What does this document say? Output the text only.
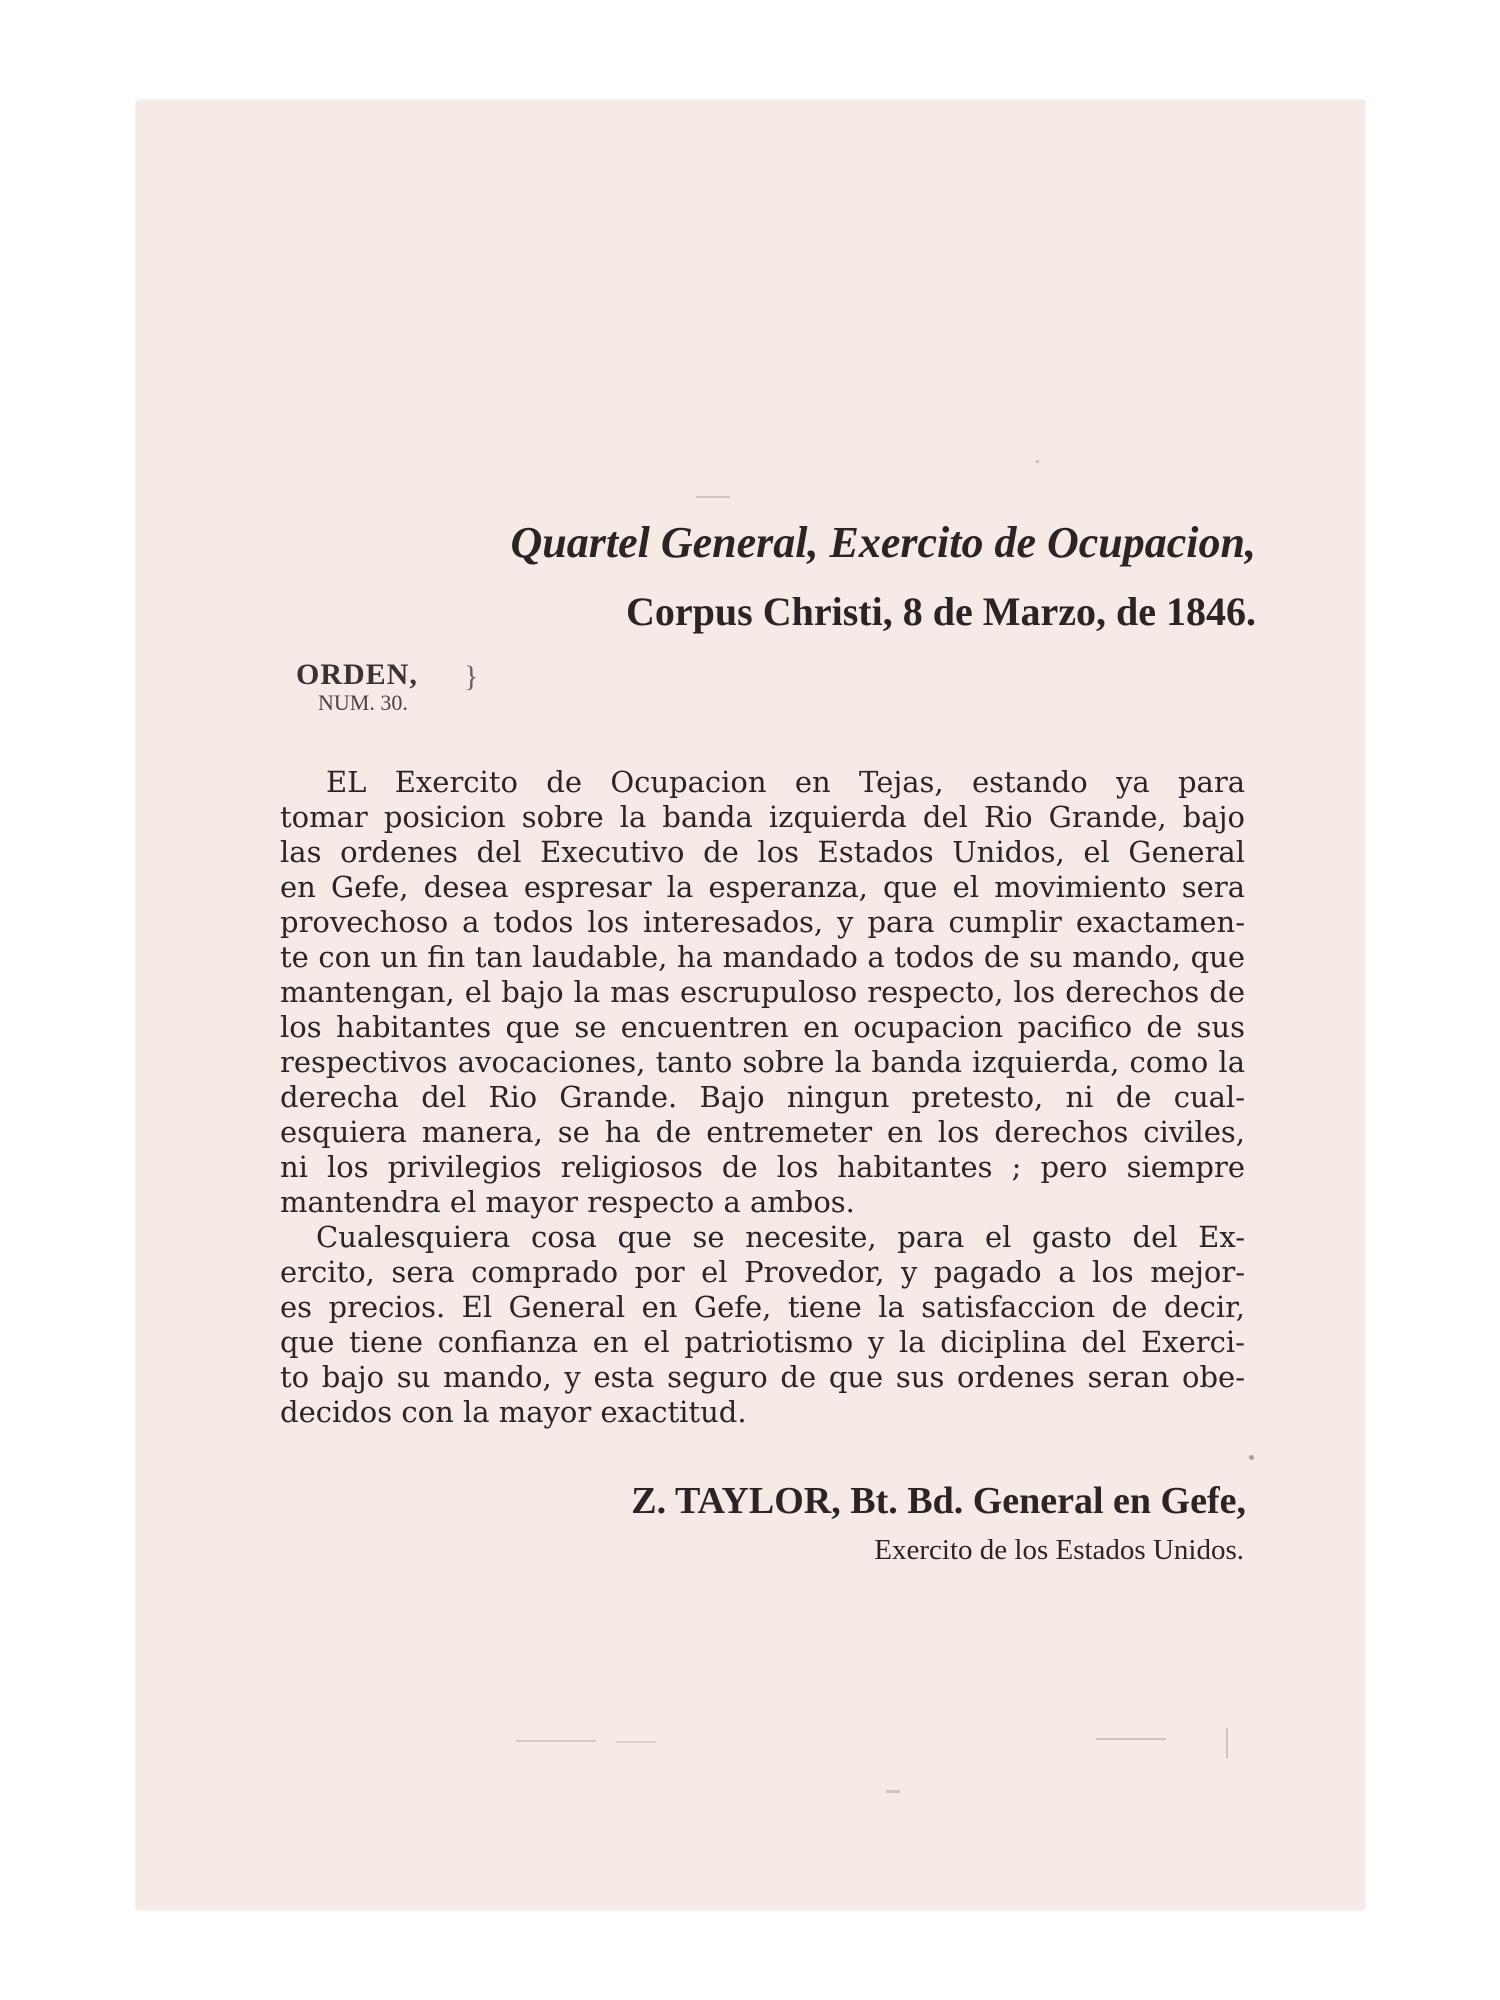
Quartel General, Exercito de Ocupacion,
Corpus Christi, 8 de Marzo, de 1846.
ORDEN,
NUM. 30.
}
EL Exercito de Ocupacion en Tejas, estando ya para
tomar posicion sobre la banda izquierda del Rio Grande, bajo
las ordenes del Executivo de los Estados Unidos, el General
en Gefe, desea espresar la esperanza, que el movimiento sera
provechoso a todos los interesados, y para cumplir exactamen-
te con un fin tan laudable, ha mandado a todos de su mando, que
mantengan, el bajo la mas escrupuloso respecto, los derechos de
los habitantes que se encuentren en ocupacion pacifico de sus
respectivos avocaciones, tanto sobre la banda izquierda, como la
derecha del Rio Grande. Bajo ningun pretesto, ni de cual-
esquiera manera, se ha de entremeter en los derechos civiles,
ni los privilegios religiosos de los habitantes ; pero siempre
mantendra el mayor respecto a ambos.
Cualesquiera cosa que se necesite, para el gasto del Ex-
ercito, sera comprado por el Provedor, y pagado a los mejor-
es precios. El General en Gefe, tiene la satisfaccion de decir,
que tiene confianza en el patriotismo y la diciplina del Exerci-
to bajo su mando, y esta seguro de que sus ordenes seran obe-
decidos con la mayor exactitud.
Z. TAYLOR, Bt. Bd. General en Gefe,
Exercito de los Estados Unidos.
